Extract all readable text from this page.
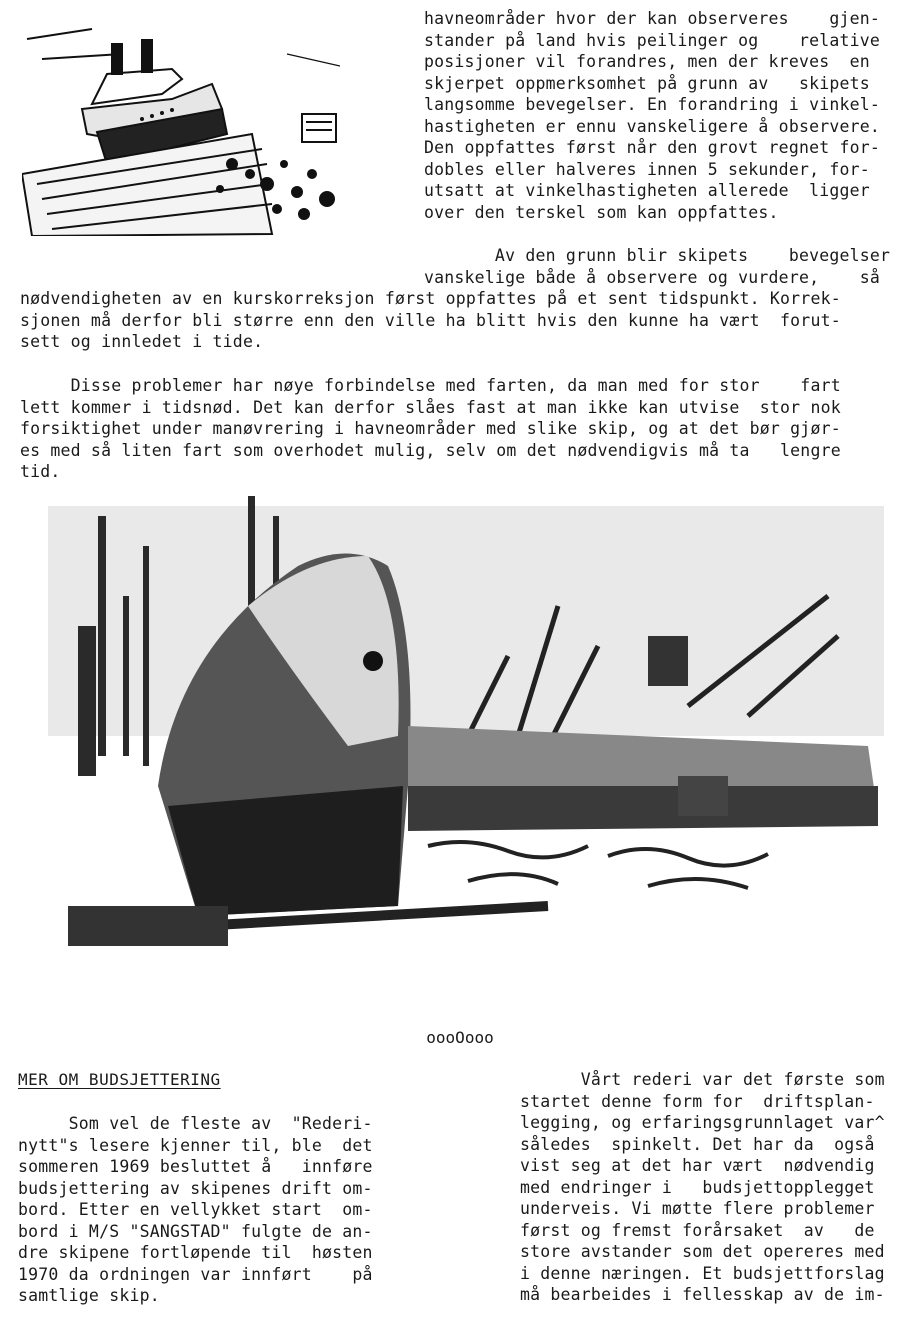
havneområder hvor der kan observeres    gjen-
stander på land hvis peilinger og    relative
posisjoner vil forandres, men der kreves  en
skjerpet oppmerksomhet på grunn av   skipets
langsomme bevegelser. En forandring i vinkel-
hastigheten er ennu vanskeligere å observere.
Den oppfattes først når den grovt regnet for-
dobles eller halveres innen 5 sekunder, for-
utsatt at vinkelhastigheten allerede  ligger
over den terskel som kan oppfattes.
Av den grunn blir skipets    bevegelser
vanskelige både å observere og vurdere,    så
nødvendigheten av en kurskorreksjon først oppfattes på et sent tidspunkt. Korrek-
sjonen må derfor bli større enn den ville ha blitt hvis den kunne ha vært  forut-
sett og innledet i tide.
Disse problemer har nøye forbindelse med farten, da man med for stor    fart
lett kommer i tidsnød. Det kan derfor slåes fast at man ikke kan utvise  stor nok
forsiktighet under manøvrering i havneområder med slike skip, og at det bør gjør-
es med så liten fart som overhodet mulig, selv om det nødvendigvis må ta   lengre
tid.
oooOooo
MER OM BUDSJETTERING
Som vel de fleste av  "Rederi-
nytt"s lesere kjenner til, ble  det
sommeren 1969 besluttet å   innføre
budsjettering av skipenes drift om-
bord. Etter en vellykket start  om-
bord i M/S "SANGSTAD" fulgte de an-
dre skipene fortløpende til  høsten
1970 da ordningen var innført    på
samtlige skip.
Vårt rederi var det første som
startet denne form for  driftsplan-
legging, og erfaringsgrunnlaget var^
således  spinkelt. Det har da  også
vist seg at det har vært  nødvendig
med endringer i   budsjettopplegget
underveis. Vi møtte flere problemer
først og fremst forårsaket  av   de
store avstander som det opereres med
i denne næringen. Et budsjettforslag
må bearbeides i fellesskap av de im-
